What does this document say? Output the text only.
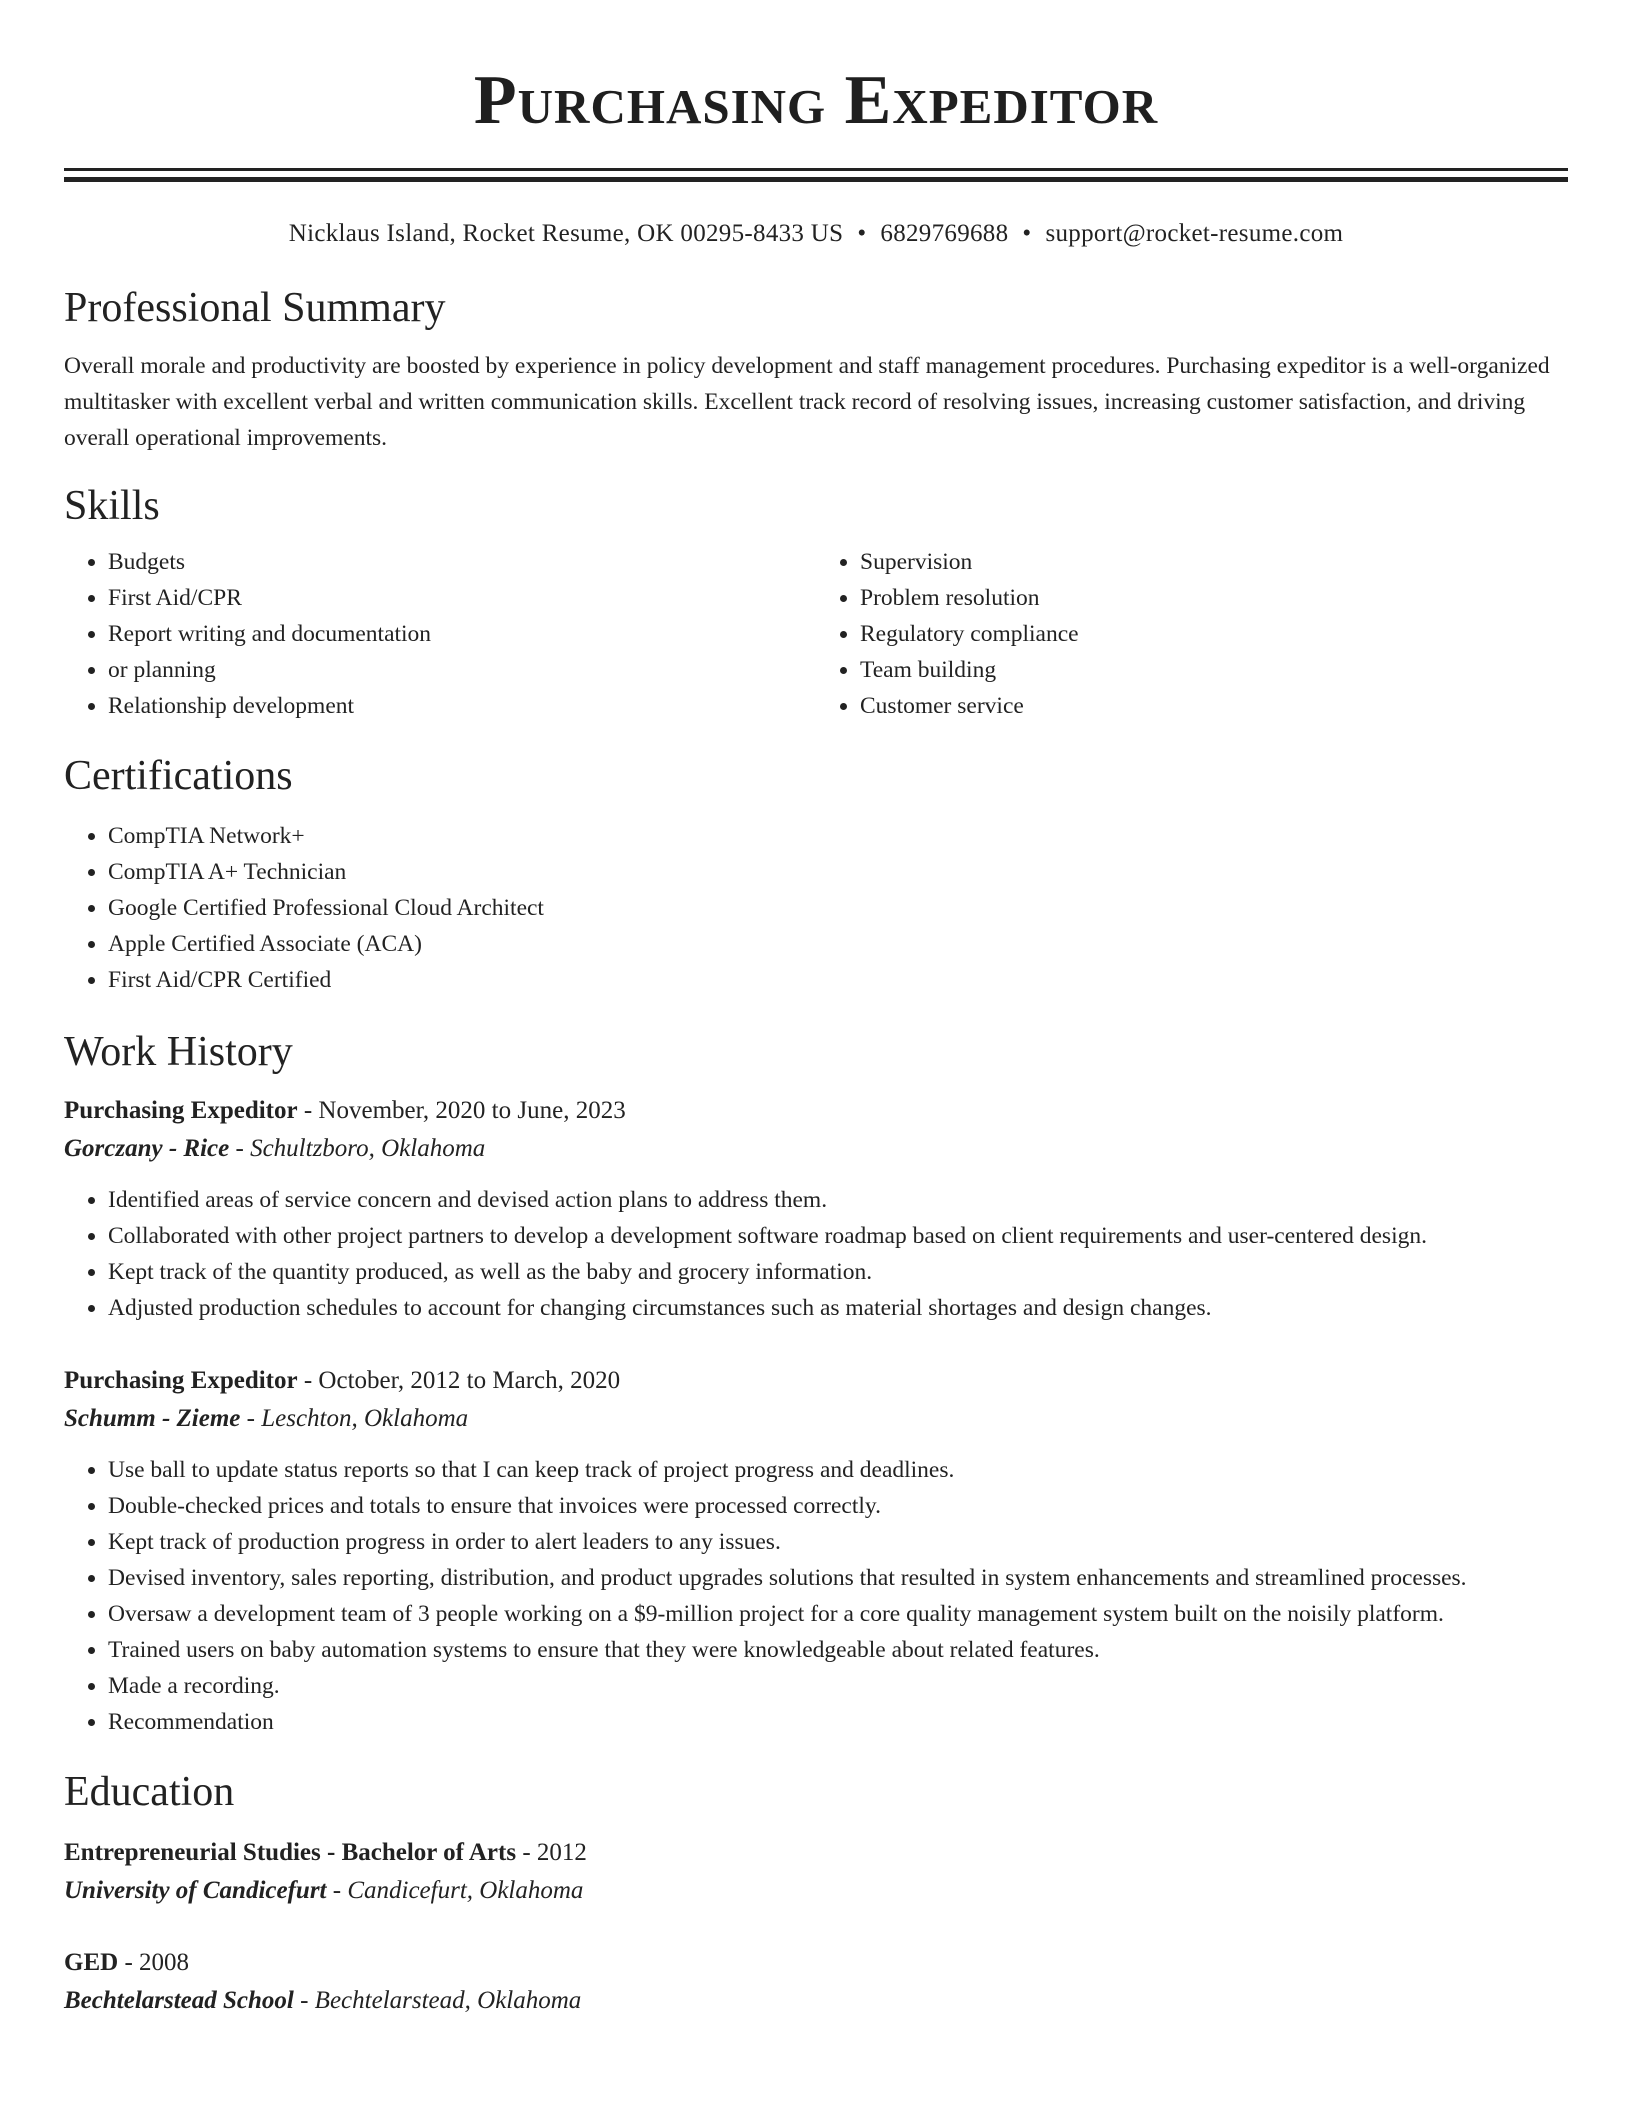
Purchasing Expeditor
Nicklaus Island, Rocket Resume, OK 00295-8433 US • 6829769688 • support@rocket-resume.com
Professional Summary

Overall morale and productivity are boosted by experience in policy development and staff management procedures. Purchasing expeditor is a well-organized multitasker with excellent verbal and written communication skills. Excellent track record of resolving issues, increasing customer satisfaction, and driving overall operational improvements.

Skills
• Budgets
• First Aid/CPR
• Report writing and documentation
• or planning
• Relationship development
• Supervision
• Problem resolution
• Regulatory compliance
• Team building
• Customer service
Certifications
• CompTIA Network+
• CompTIA A+ Technician
• Google Certified Professional Cloud Architect
• Apple Certified Associate (ACA)
• First Aid/CPR Certified
Work History
Purchasing Expeditor - November, 2020 to June, 2023
Gorczany - Rice - Schultzboro, Oklahoma
• Identified areas of service concern and devised action plans to address them.
• Collaborated with other project partners to develop a development software roadmap based on client requirements and user-centered design.
• Kept track of the quantity produced, as well as the baby and grocery information.
• Adjusted production schedules to account for changing circumstances such as material shortages and design changes.
Purchasing Expeditor - October, 2012 to March, 2020
Schumm - Zieme - Leschton, Oklahoma
• Use ball to update status reports so that I can keep track of project progress and deadlines.
• Double-checked prices and totals to ensure that invoices were processed correctly.
• Kept track of production progress in order to alert leaders to any issues.
• Devised inventory, sales reporting, distribution, and product upgrades solutions that resulted in system enhancements and streamlined processes.
• Oversaw a development team of 3 people working on a $9-million project for a core quality management system built on the noisily platform.
• Trained users on baby automation systems to ensure that they were knowledgeable about related features.
• Made a recording.
• Recommendation
Education
Entrepreneurial Studies - Bachelor of Arts - 2012
University of Candicefurt - Candicefurt, Oklahoma
GED - 2008
Bechtelarstead School - Bechtelarstead, Oklahoma
